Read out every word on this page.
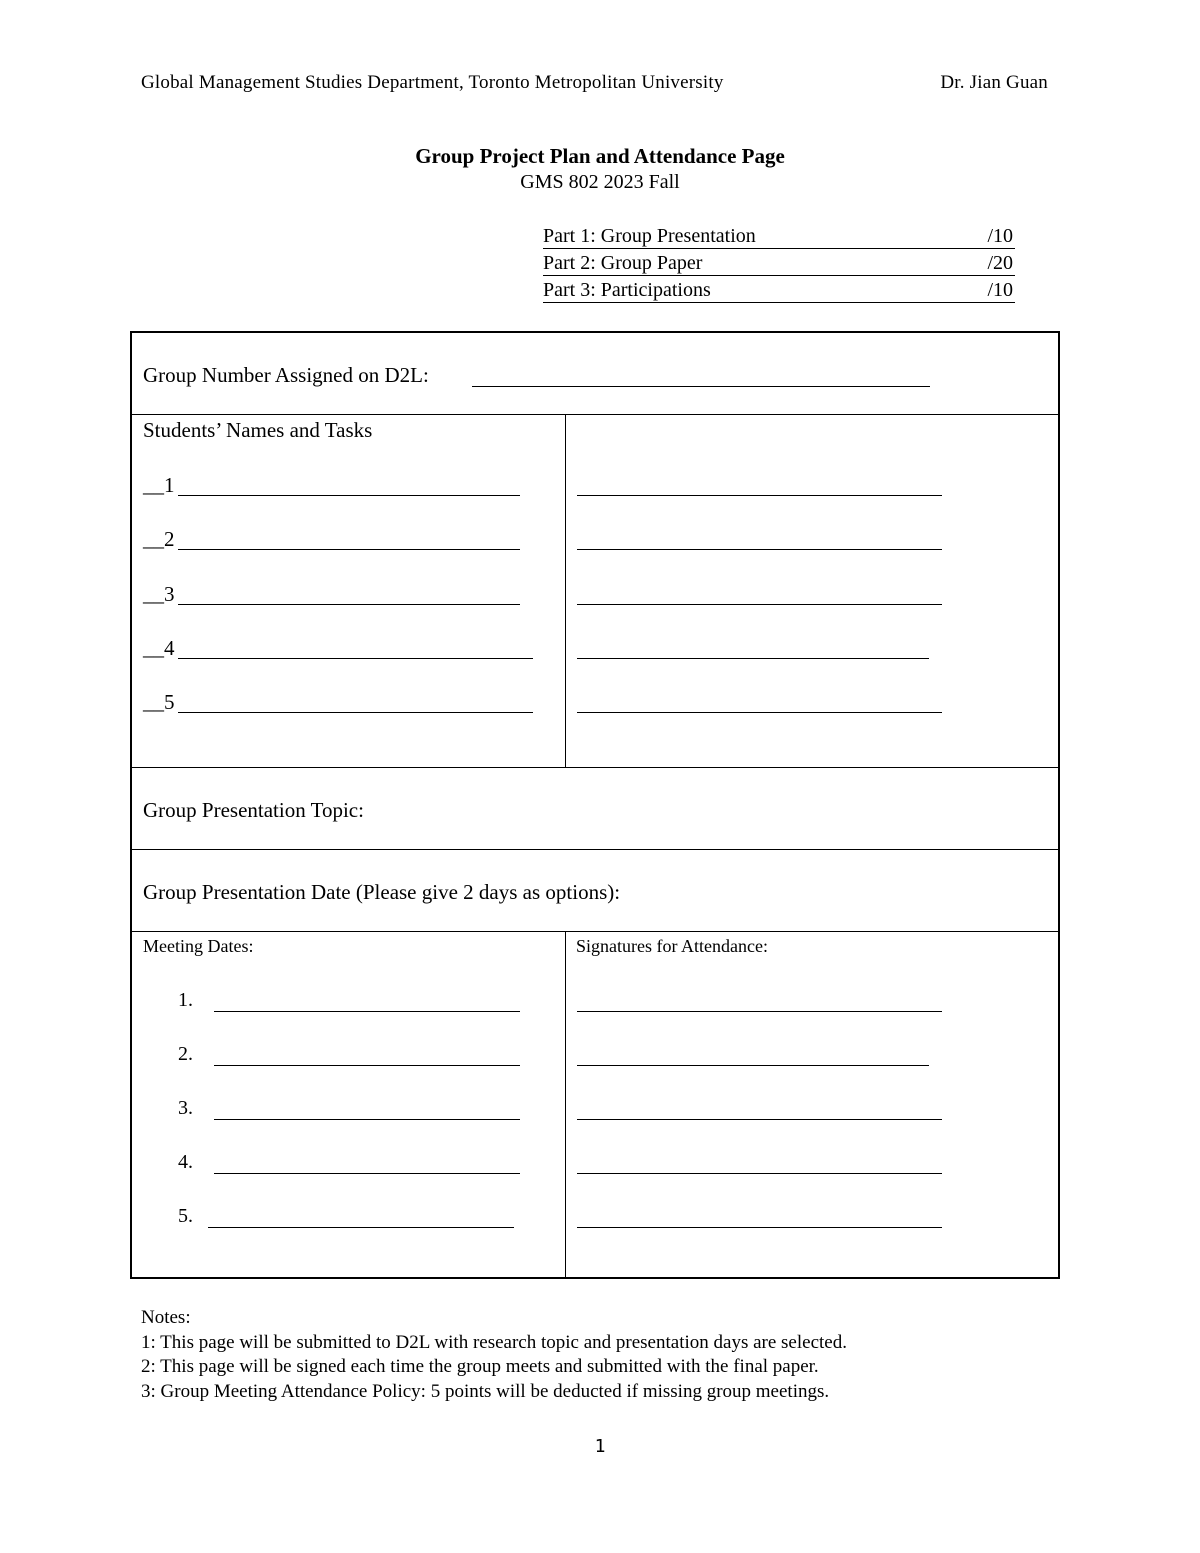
Global Management Studies Department, Toronto Metropolitan University	Dr. Jian Guan
Group Project Plan and Attendance Page
GMS 802 2023 Fall
Part 1: Group Presentation	/10
Part 2: Group Paper	/20
Part 3: Participations	/10
Group Number Assigned on D2L:
Students’ Names and Tasks
__1
__2
__3
__4
__5
Group Presentation Topic:
Group Presentation Date (Please give 2 days as options):
Meeting Dates:	Signatures for Attendance:
1.
2.
3.
4.
5.
Notes:
1: This page will be submitted to D2L with research topic and presentation days are selected.
2: This page will be signed each time the group meets and submitted with the final paper.
3: Group Meeting Attendance Policy: 5 points will be deducted if missing group meetings.
1
